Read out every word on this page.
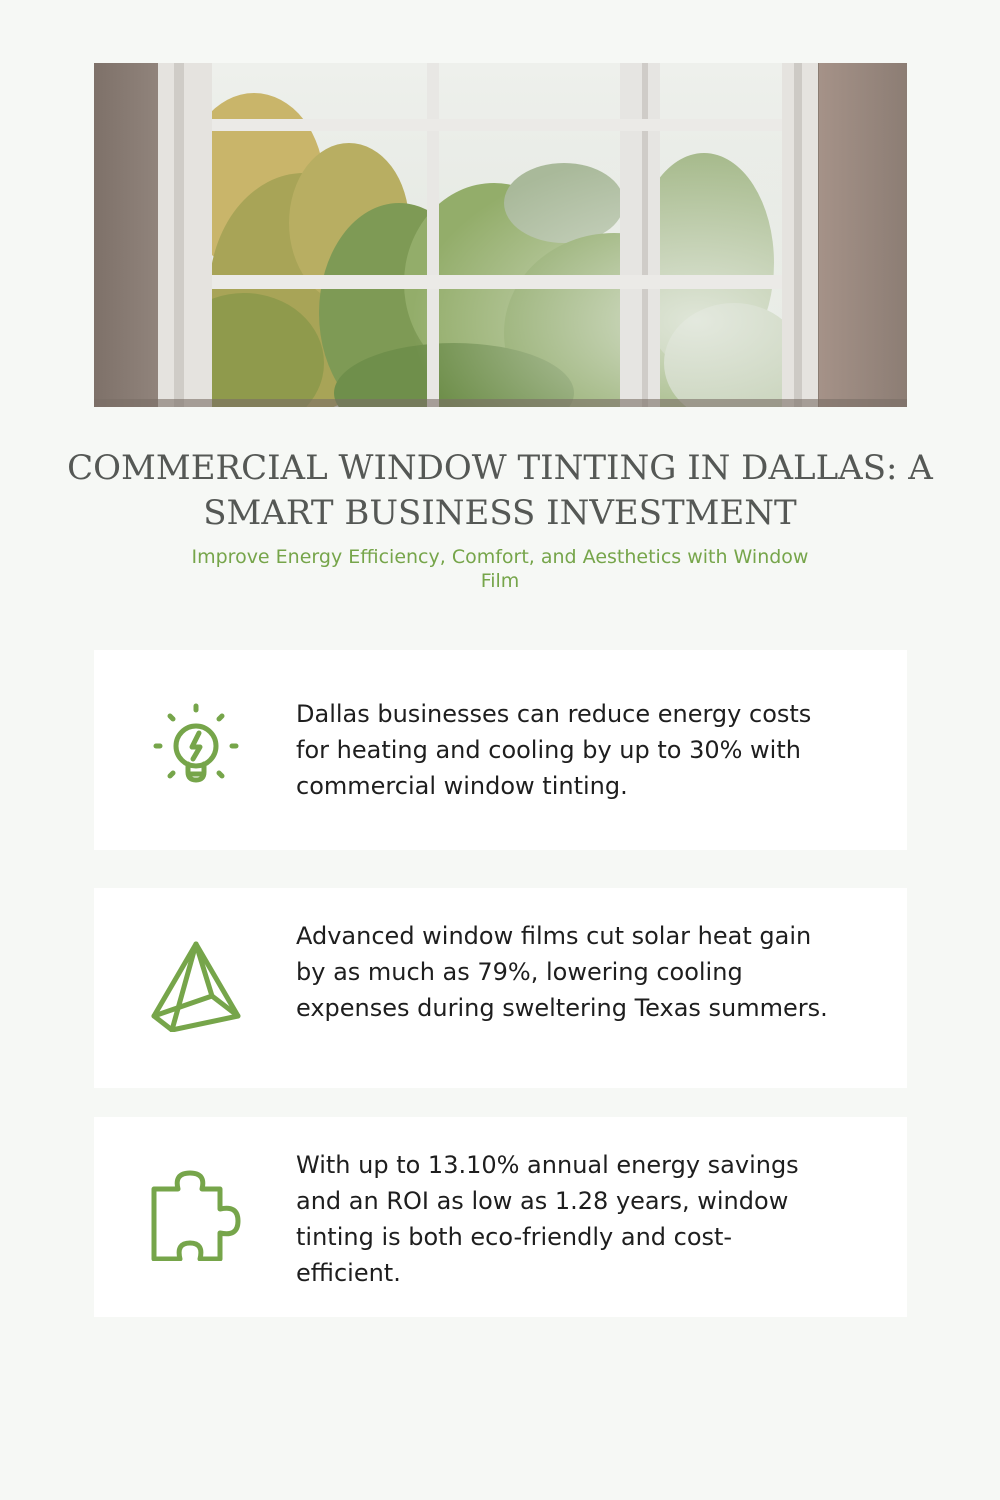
COMMERCIAL WINDOW TINTING IN DALLAS: A SMART BUSINESS INVESTMENT

Improve Energy Efficiency, Comfort, and Aesthetics with Window Film

Dallas businesses can reduce energy costs for heating and cooling by up to 30% with commercial window tinting.

Advanced window films cut solar heat gain by as much as 79%, lowering cooling expenses during sweltering Texas summers.

With up to 13.10% annual energy savings and an ROI as low as 1.28 years, window tinting is both eco-friendly and cost-efficient.
